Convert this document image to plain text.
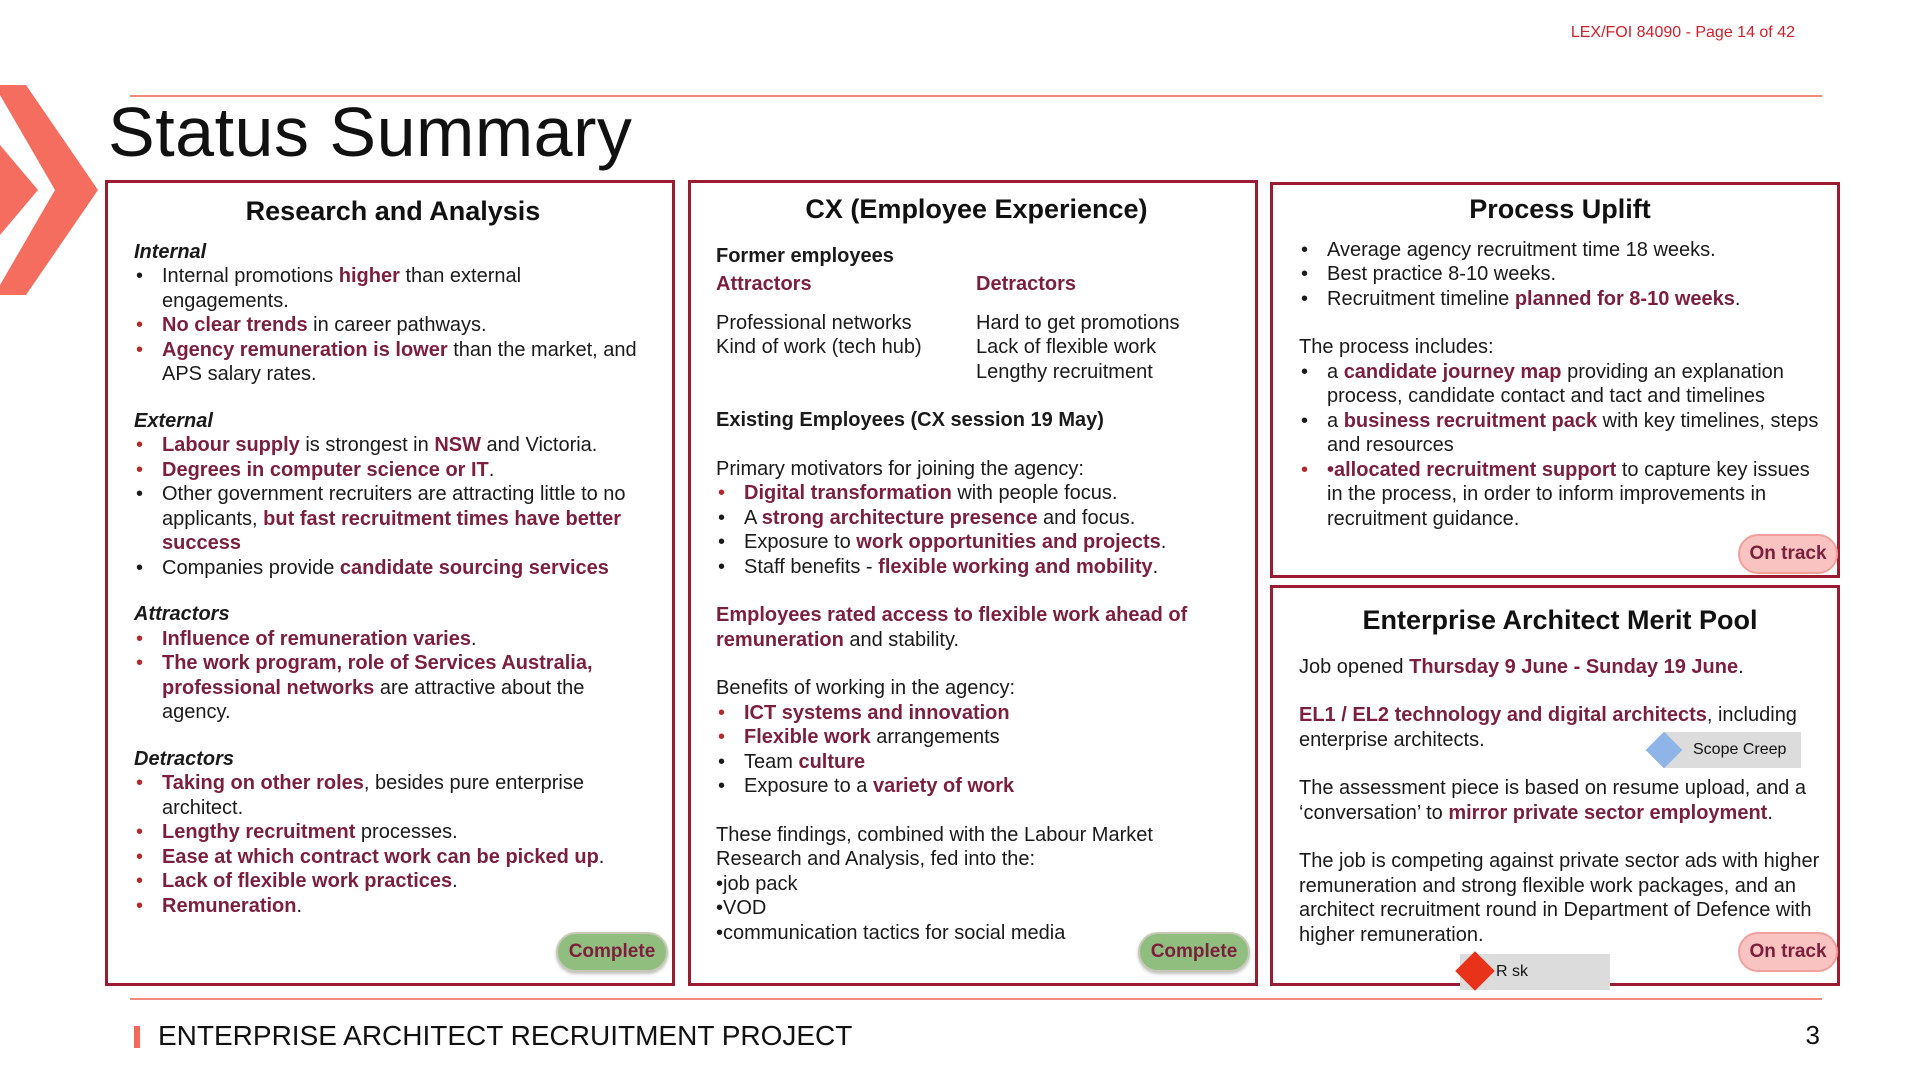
LEX/FOI 84090 - Page 14 of 42
Status Summary
Research and Analysis
Internal
• Internal promotions higher than external engagements.
• No clear trends in career pathways.
• Agency remuneration is lower than the market, and APS salary rates.
External
• Labour supply is strongest in NSW and Victoria.
• Degrees in computer science or IT.
• Other government recruiters are attracting little to no applicants, but fast recruitment times have better success
• Companies provide candidate sourcing services
Attractors
• Influence of remuneration varies.
• The work program, role of Services Australia, professional networks are attractive about the agency.
Detractors
• Taking on other roles, besides pure enterprise architect.
• Lengthy recruitment processes.
• Ease at which contract work can be picked up.
• Lack of flexible work practices.
• Remuneration.
Complete
CX (Employee Experience)
Former employees
Attractors
Professional networks
Kind of work (tech hub)
Detractors
Hard to get promotions
Lack of flexible work
Lengthy recruitment
Existing Employees (CX session 19 May)
Primary motivators for joining the agency:
• Digital transformation with people focus.
• A strong architecture presence and focus.
• Exposure to work opportunities and projects.
• Staff benefits - flexible working and mobility.
Employees rated access to flexible work ahead of remuneration and stability.
Benefits of working in the agency:
• ICT systems and innovation
• Flexible work arrangements
• Team culture
• Exposure to a variety of work
These findings, combined with the Labour Market Research and Analysis, fed into the:
•job pack
•VOD
•communication tactics for social media
Complete
Process Uplift
• Average agency recruitment time 18 weeks.
• Best practice 8-10 weeks.
• Recruitment timeline planned for 8-10 weeks.
The process includes:
• a candidate journey map providing an explanation process, candidate contact and tact and timelines
• a business recruitment pack with key timelines, steps and resources
• •allocated recruitment support to capture key issues in the process, in order to inform improvements in recruitment guidance.
On track
Enterprise Architect Merit Pool
Job opened Thursday 9 June - Sunday 19 June.
EL1 / EL2 technology and digital architects, including enterprise architects.
The assessment piece is based on resume upload, and a ‘conversation’ to mirror private sector employment.
The job is competing against private sector ads with higher remuneration and strong flexible work packages, and an architect recruitment round in Department of Defence with higher remuneration.
Scope Creep
On track
R sk
ENTERPRISE ARCHITECT RECRUITMENT PROJECT	3
